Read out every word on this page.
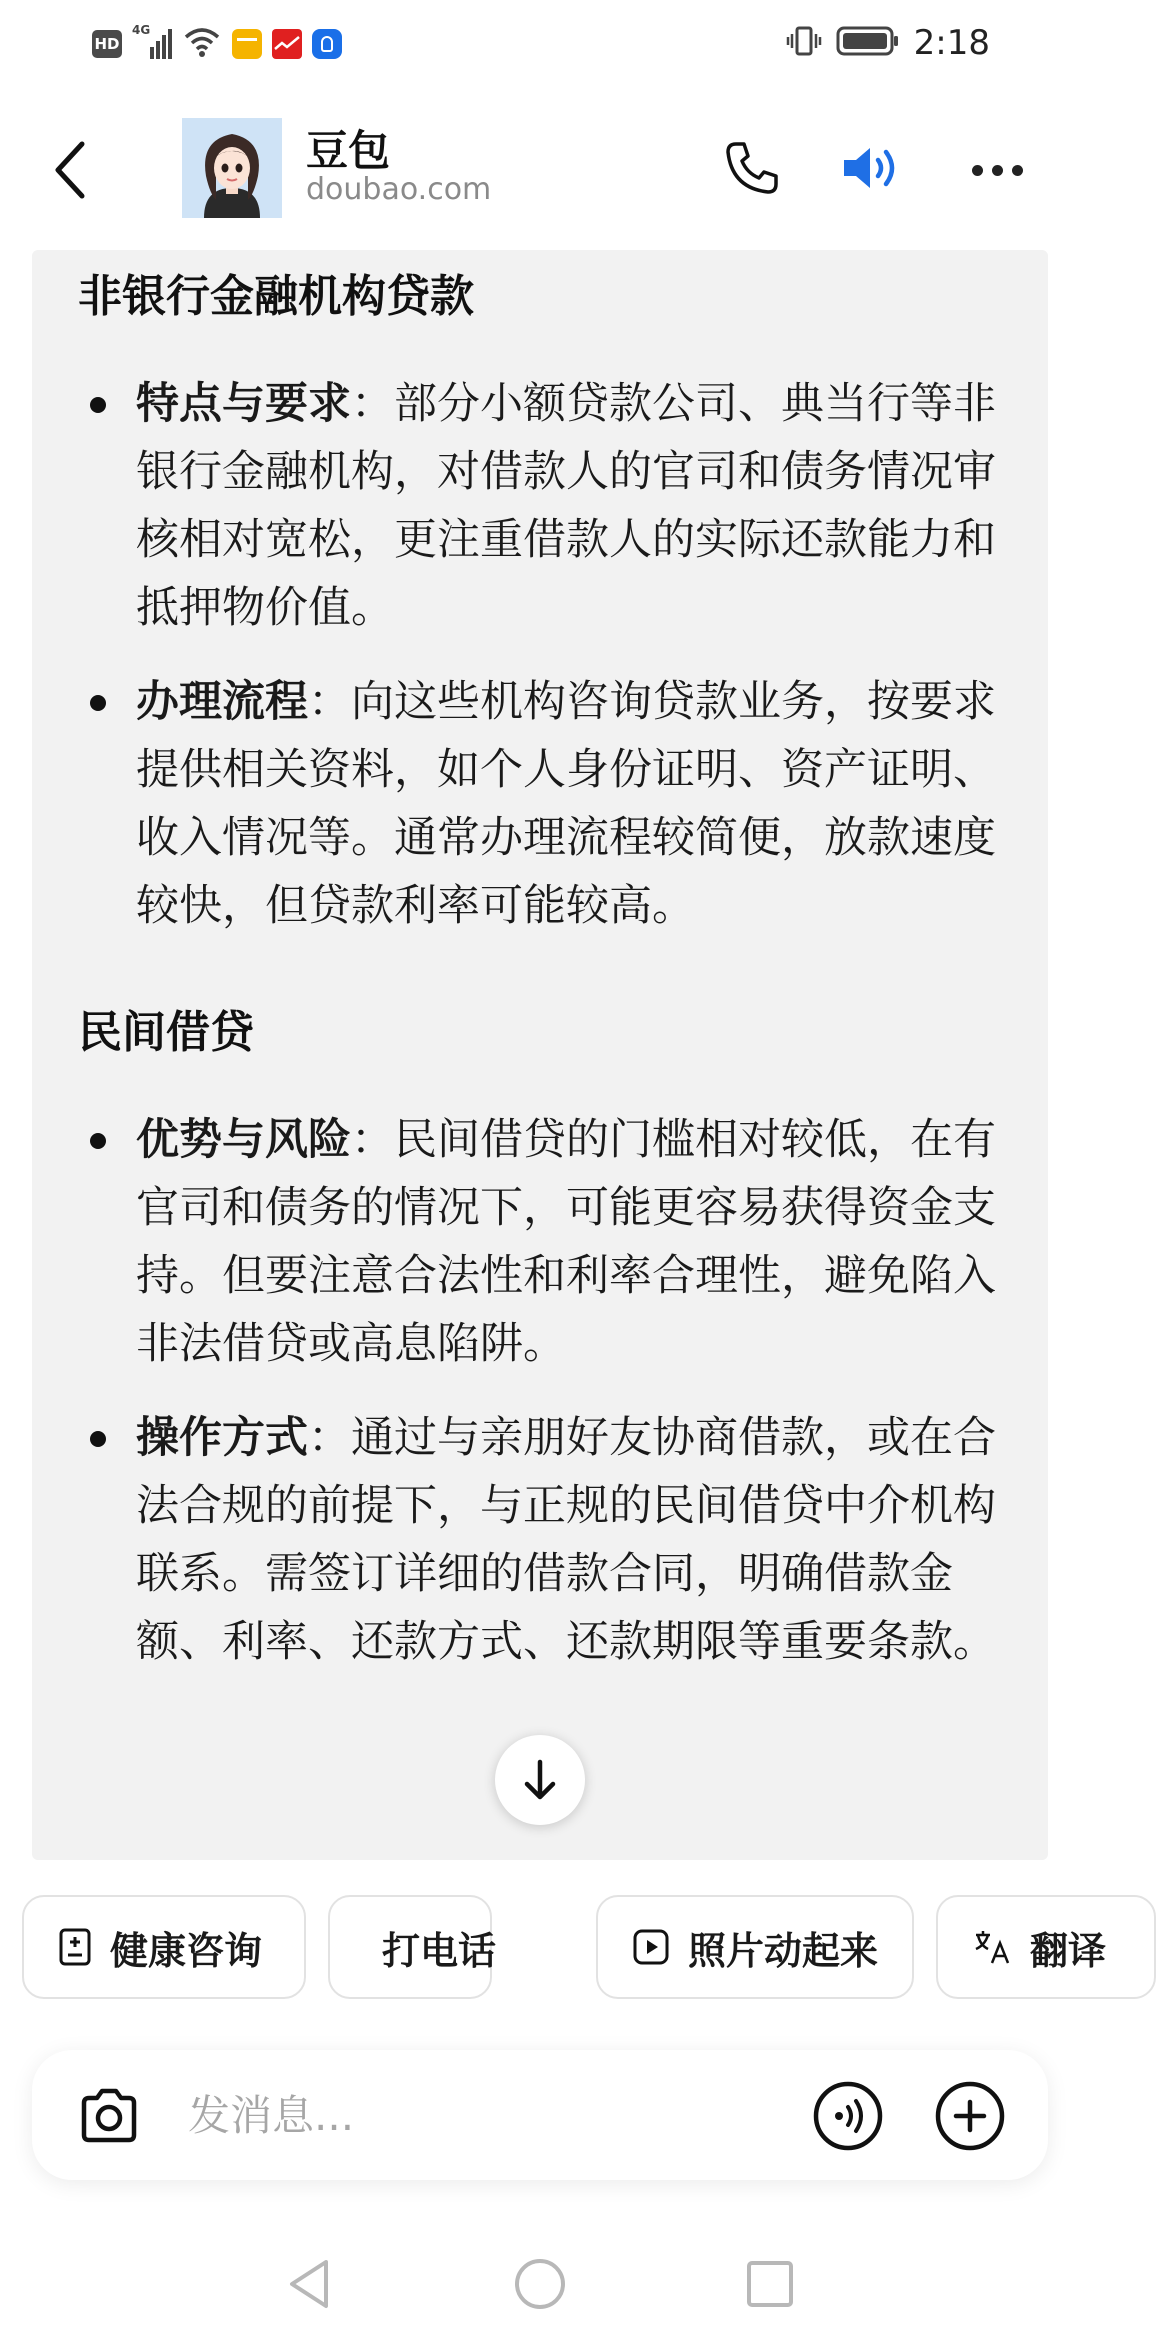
HD
4G	2:18
豆包
doubao.com
非银行金融机构贷款
特点与要求：部分小额贷款公司、典当行等非银行金融机构，对借款人的官司和债务情况审核相对宽松，更注重借款人的实际还款能力和抵押物价值。
办理流程：向这些机构咨询贷款业务，按要求提供相关资料，如个人身份证明、资产证明、收入情况等。通常办理流程较简便，放款速度较快，但贷款利率可能较高。
民间借贷
优势与风险：民间借贷的门槛相对较低，在有官司和债务的情况下，可能更容易获得资金支持。但要注意合法性和利率合理性，避免陷入非法借贷或高息陷阱。
操作方式：通过与亲朋好友协商借款，或在合法合规的前提下，与正规的民间借贷中介机构联系。需签订详细的借款合同，明确借款金额、利率、还款方式、还款期限等重要条款。
健康咨询	打电话	照片动起来	翻译
发消息...
